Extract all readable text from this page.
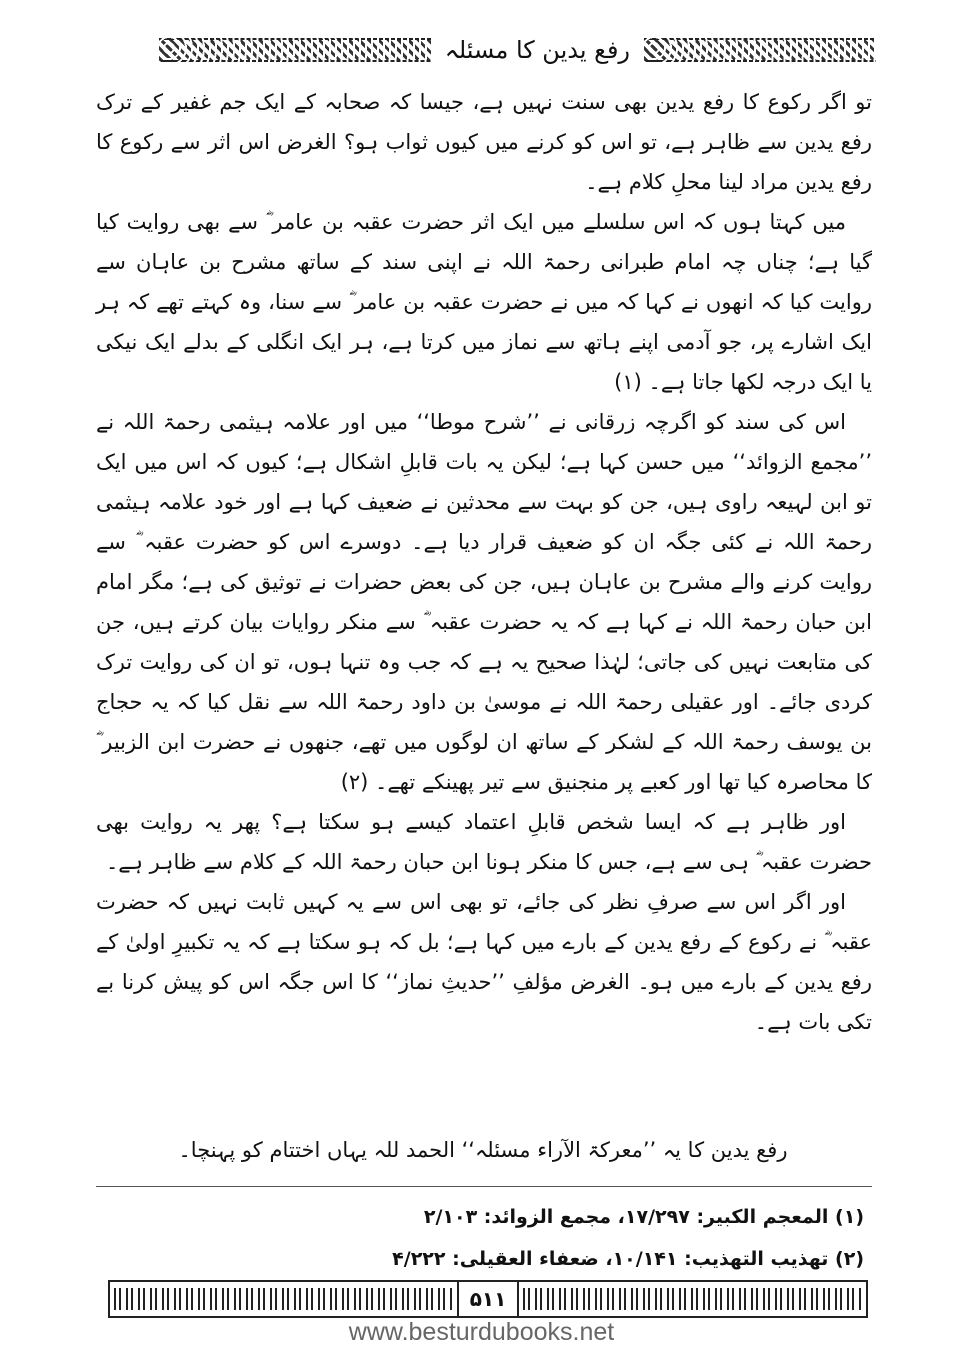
رفع یدین کا مسئلہ

تو اگر رکوع کا رفع یدین بھی سنت نہیں ہے، جیسا کہ صحابہ کے ایک جم غفیر کے ترک رفع یدین سے ظاہر ہے، تو اس کو کرنے میں کیوں ثواب ہو؟ الغرض اس اثر سے رکوع کا رفع یدین مراد لینا محلِ کلام ہے۔

میں کہتا ہوں کہ اس سلسلے میں ایک اثر حضرت عقبہ بن عامر ؓ سے بھی روایت کیا گیا ہے؛ چناں چہ امام طبرانی رحمۃ اللہ نے اپنی سند کے ساتھ مشرح بن عاہان سے روایت کیا کہ انھوں نے کہا کہ میں نے حضرت عقبہ بن عامر ؓ سے سنا، وہ کہتے تھے کہ ہر ایک اشارے پر، جو آدمی اپنے ہاتھ سے نماز میں کرتا ہے، ہر ایک انگلی کے بدلے ایک نیکی یا ایک درجہ لکھا جاتا ہے۔ (۱)

اس کی سند کو اگرچہ زرقانی نے ’’شرح موطا‘‘ میں اور علامہ ہیثمی رحمۃ اللہ نے ’’مجمع الزوائد‘‘ میں حسن کہا ہے؛ لیکن یہ بات قابلِ اشکال ہے؛ کیوں کہ اس میں ایک تو ابن لہیعہ راوی ہیں، جن کو بہت سے محدثین نے ضعیف کہا ہے اور خود علامہ ہیثمی رحمۃ اللہ نے کئی جگہ ان کو ضعیف قرار دیا ہے۔ دوسرے اس کو حضرت عقبہ ؓ سے روایت کرنے والے مشرح بن عاہان ہیں، جن کی بعض حضرات نے توثیق کی ہے؛ مگر امام ابن حبان رحمۃ اللہ نے کہا ہے کہ یہ حضرت عقبہ ؓ سے منکر روایات بیان کرتے ہیں، جن کی متابعت نہیں کی جاتی؛ لہٰذا صحیح یہ ہے کہ جب وہ تنہا ہوں، تو ان کی روایت ترک کردی جائے۔ اور عقیلی رحمۃ اللہ نے موسیٰ بن داود رحمۃ اللہ سے نقل کیا کہ یہ حجاج بن یوسف رحمۃ اللہ کے لشکر کے ساتھ ان لوگوں میں تھے، جنھوں نے حضرت ابن الزبیر ؓ کا محاصرہ کیا تھا اور کعبے پر منجنیق سے تیر پھینکے تھے۔ (۲)

اور ظاہر ہے کہ ایسا شخص قابلِ اعتماد کیسے ہو سکتا ہے؟ پھر یہ روایت بھی حضرت عقبہ ؓ ہی سے ہے، جس کا منکر ہونا ابن حبان رحمۃ اللہ کے کلام سے ظاہر ہے۔

اور اگر اس سے صرفِ نظر کی جائے، تو بھی اس سے یہ کہیں ثابت نہیں کہ حضرت عقبہ ؓ نے رکوع کے رفع یدین کے بارے میں کہا ہے؛ بل کہ ہو سکتا ہے کہ یہ تکبیرِ اولیٰ کے رفع یدین کے بارے میں ہو۔ الغرض مؤلفِ ’’حدیثِ نماز‘‘ کا اس جگہ اس کو پیش کرنا بے تکی بات ہے۔

رفع یدین کا یہ ’’معرکۃ الآراء مسئلہ‘‘ الحمد للہ یہاں اختتام کو پہنچا۔

(۱) المعجم الکبیر: ۱۷/۲۹۷، مجمع الزوائد: ۲/۱۰۳

(۲) تھذیب التھذیب: ۱۰/۱۴۱، ضعفاء العقیلی: ۴/۲۲۲

۵۱۱
www.besturdubooks.net
